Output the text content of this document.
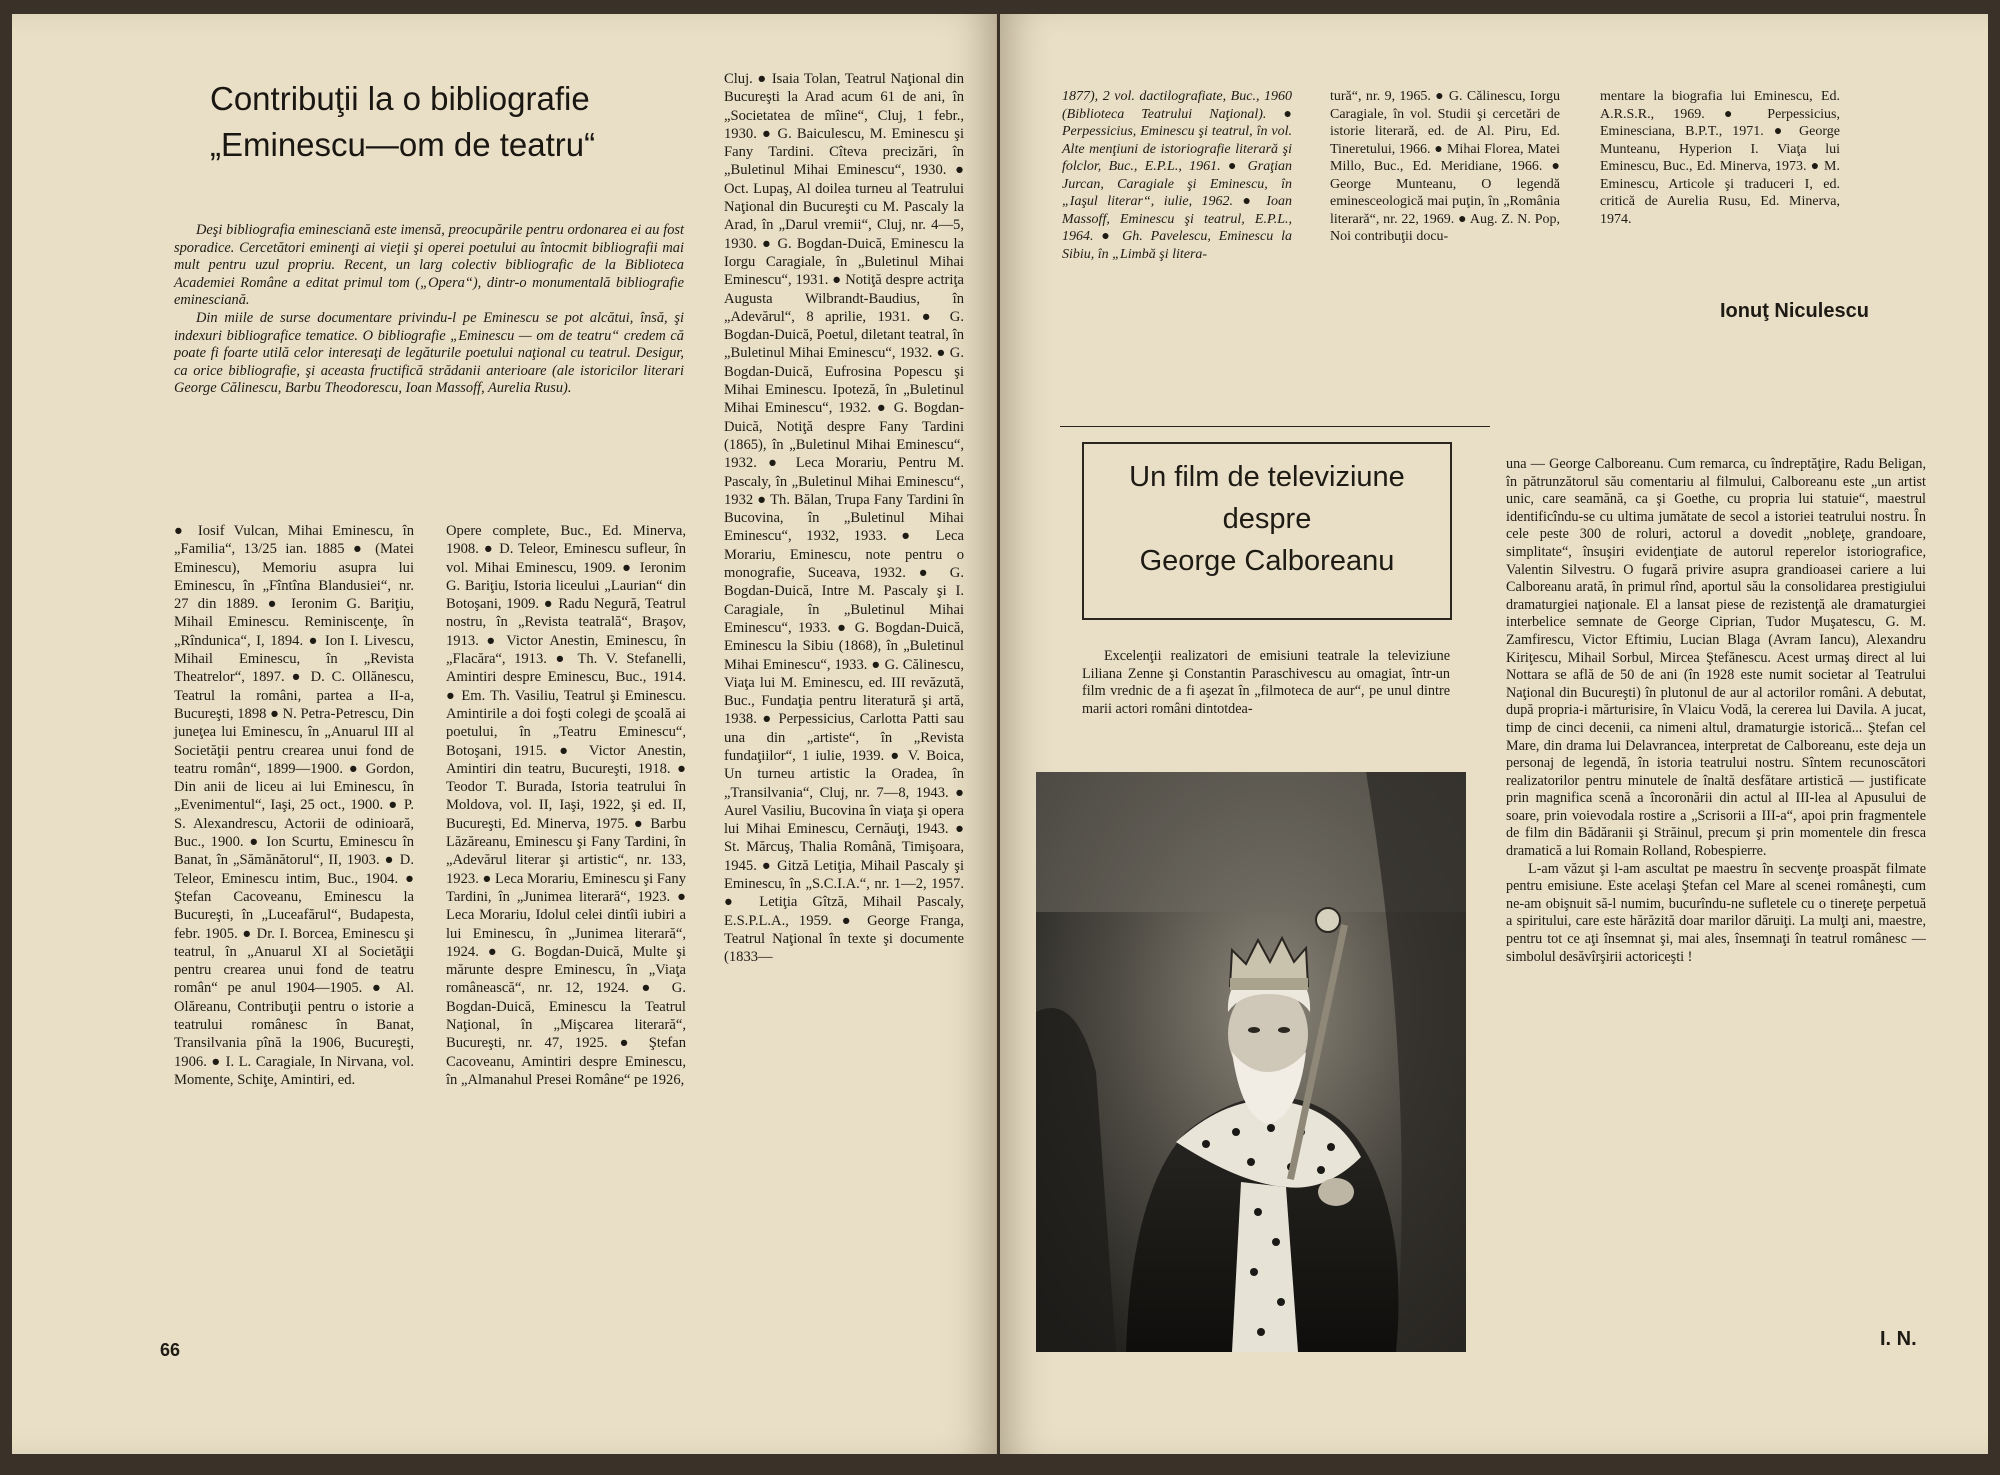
Contribuţii la o bibliografie
„Eminescu—om de teatru“

Deşi bibliografia eminesciană este imensă, preocupările pentru ordonarea ei au fost sporadice. Cercetători eminenţi ai vieţii şi operei poetului au întocmit bibliografii mai mult pentru uzul propriu. Recent, un larg colectiv bibliografic de la Biblioteca Academiei Române a editat primul tom („Opera“), dintr-o monumentală bibliografie eminesciană.

Din miile de surse documentare privindu-l pe Eminescu se pot alcătui, însă, şi indexuri bibliografice tematice. O bibliografie „Eminescu — om de teatru“ credem că poate fi foarte utilă celor interesaţi de legăturile poetului naţional cu teatrul. Desigur, ca orice bibliografie, şi aceasta fructifică strădanii anterioare (ale istoricilor literari George Călinescu, Barbu Theodorescu, Ioan Massoff, Aurelia Rusu).

● Iosif Vulcan, Mihai Eminescu, în „Familia“, 13/25 ian. 1885 ● (Matei Eminescu), Memoriu asupra lui Eminescu, în „Fîntîna Blandusiei“, nr. 27 din 1889. ● Ieronim G. Bariţiu, Mihail Eminescu. Reminiscenţe, în „Rîndunica“, I, 1894. ● Ion I. Livescu, Mihail Eminescu, în „Revista Theatrelor“, 1897. ● D. C. Ollănescu, Teatrul la români, partea a II-a, Bucureşti, 1898 ● N. Petra-Petrescu, Din juneţea lui Eminescu, în „Anuarul III al Societăţii pentru crearea unui fond de teatru român“, 1899—1900. ● Gordon, Din anii de liceu ai lui Eminescu, în „Evenimentul“, Iaşi, 25 oct., 1900. ● P. S. Alexandrescu, Actorii de odinioară, Buc., 1900. ● Ion Scurtu, Eminescu în Banat, în „Sămănătorul“, II, 1903. ● D. Teleor, Eminescu intim, Buc., 1904. ● Ştefan Cacoveanu, Eminescu la Bucureşti, în „Luceafărul“, Budapesta, febr. 1905. ● Dr. I. Borcea, Eminescu şi teatrul, în „Anuarul XI al Societăţii pentru crearea unui fond de teatru român“ pe anul 1904—1905. ● Al. Olăreanu, Contribuţii pentru o istorie a teatrului românesc în Banat, Transilvania pînă la 1906, Bucureşti, 1906. ● I. L. Caragiale, In Nirvana, vol. Momente, Schiţe, Amintiri, ed.

Opere complete, Buc., Ed. Minerva, 1908. ● D. Teleor, Eminescu sufleur, în vol. Mihai Eminescu, 1909. ● Ieronim G. Bariţiu, Istoria liceului „Laurian“ din Botoşani, 1909. ● Radu Negură, Teatrul nostru, în „Revista teatrală“, Braşov, 1913. ● Victor Anestin, Eminescu, în „Flacăra“, 1913. ● Th. V. Stefanelli, Amintiri despre Eminescu, Buc., 1914. ● Em. Th. Vasiliu, Teatrul şi Eminescu. Amintirile a doi foşti colegi de şcoală ai poetului, în „Teatru Eminescu“, Botoşani, 1915. ● Victor Anestin, Amintiri din teatru, Bucureşti, 1918. ● Teodor T. Burada, Istoria teatrului în Moldova, vol. II, Iaşi, 1922, şi ed. II, Bucureşti, Ed. Minerva, 1975. ● Barbu Lăzăreanu, Eminescu şi Fany Tardini, în „Adevărul literar şi artistic“, nr. 133, 1923. ● Leca Morariu, Eminescu şi Fany Tardini, în „Junimea literară“, 1923. ● Leca Morariu, Idolul celei dintîi iubiri a lui Eminescu, în „Junimea literară“, 1924. ● G. Bogdan-Duică, Multe şi mărunte despre Eminescu, în „Viaţa românească“, nr. 12, 1924. ● G. Bogdan-Duică, Eminescu la Teatrul Naţional, în „Mişcarea literară“, Bucureşti, nr. 47, 1925. ● Ştefan Cacoveanu, Amintiri despre Eminescu, în „Almanahul Presei Române“ pe 1926,

Cluj. ● Isaia Tolan, Teatrul Naţional din Bucureşti la Arad acum 61 de ani, în „Societatea de mîine“, Cluj, 1 febr., 1930. ● G. Baiculescu, M. Eminescu şi Fany Tardini. Cîteva precizări, în „Buletinul Mihai Eminescu“, 1930. ● Oct. Lupaş, Al doilea turneu al Teatrului Naţional din Bucureşti cu M. Pascaly la Arad, în „Darul vremii“, Cluj, nr. 4—5, 1930. ● G. Bogdan-Duică, Eminescu la Iorgu Caragiale, în „Buletinul Mihai Eminescu“, 1931. ● Notiţă despre actriţa Augusta Wilbrandt-Baudius, în „Adevărul“, 8 aprilie, 1931. ● G. Bogdan-Duică, Poetul, diletant teatral, în „Buletinul Mihai Eminescu“, 1932. ● G. Bogdan-Duică, Eufrosina Popescu şi Mihai Eminescu. Ipoteză, în „Buletinul Mihai Eminescu“, 1932. ● G. Bogdan-Duică, Notiţă despre Fany Tardini (1865), în „Buletinul Mihai Eminescu“, 1932. ● Leca Morariu, Pentru M. Pascaly, în „Buletinul Mihai Eminescu“, 1932 ● Th. Bălan, Trupa Fany Tardini în Bucovina, în „Buletinul Mihai Eminescu“, 1932, 1933. ● Leca Morariu, Eminescu, note pentru o monografie, Suceava, 1932. ● G. Bogdan-Duică, Intre M. Pascaly şi I. Caragiale, în „Buletinul Mihai Eminescu“, 1933. ● G. Bogdan-Duică, Eminescu la Sibiu (1868), în „Buletinul Mihai Eminescu“, 1933. ● G. Călinescu, Viaţa lui M. Eminescu, ed. III revăzută, Buc., Fundaţia pentru literatură şi artă, 1938. ● Perpessicius, Carlotta Patti sau una din „artiste“, în „Revista fundaţiilor“, 1 iulie, 1939. ● V. Boica, Un turneu artistic la Oradea, în „Transilvania“, Cluj, nr. 7—8, 1943. ● Aurel Vasiliu, Bucovina în viaţa şi opera lui Mihai Eminescu, Cernăuţi, 1943. ● St. Mărcuş, Thalia Română, Timişoara, 1945. ● Gitză Letiţia, Mihail Pascaly şi Eminescu, în „S.C.I.A.“, nr. 1—2, 1957. ● Letiţia Gîtză, Mihail Pascaly, E.S.P.L.A., 1959. ● George Franga, Teatrul Naţional în texte şi documente (1833—

66

1877), 2 vol. dactilografiate, Buc., 1960 (Biblioteca Teatrului Naţional). ● Perpessicius, Eminescu şi teatrul, în vol. Alte menţiuni de istoriografie literară şi folclor, Buc., E.P.L., 1961. ● Graţian Jurcan, Caragiale şi Eminescu, în „Iaşul literar“, iulie, 1962. ● Ioan Massoff, Eminescu şi teatrul, E.P.L., 1964. ● Gh. Pavelescu, Eminescu la Sibiu, în „Limbă şi litera-

tură“, nr. 9, 1965. ● G. Călinescu, Iorgu Caragiale, în vol. Studii şi cercetări de istorie literară, ed. de Al. Piru, Ed. Tineretului, 1966. ● Mihai Florea, Matei Millo, Buc., Ed. Meridiane, 1966. ● George Munteanu, O legendă eminesceologică mai puţin, în „România literară“, nr. 22, 1969. ● Aug. Z. N. Pop, Noi contribuţii docu-

mentare la biografia lui Eminescu, Ed. A.R.S.R., 1969. ● Perpessicius, Eminesciana, B.P.T., 1971. ● George Munteanu, Hyperion I. Viaţa lui Eminescu, Buc., Ed. Minerva, 1973. ● M. Eminescu, Articole şi traduceri I, ed. critică de Aurelia Rusu, Ed. Minerva, 1974.

Ionuţ Niculescu
Un film de televiziune
despre
George Calboreanu

Excelenţii realizatori de emisiuni teatrale la televiziune Liliana Zenne şi Constantin Paraschivescu au omagiat, într-un film vrednic de a fi aşezat în „filmoteca de aur“, pe unul dintre marii actori români dintotdea-

una — George Calboreanu. Cum remarca, cu îndreptăţire, Radu Beligan, în pătrunzătorul său comentariu al filmului, Calboreanu este „un artist unic, care seamănă, ca şi Goethe, cu propria lui statuie“, maestrul identificîndu-se cu ultima jumătate de secol a istoriei teatrului nostru. În cele peste 300 de roluri, actorul a dovedit „nobleţe, grandoare, simplitate“, însuşiri evidenţiate de autorul reperelor istoriografice, Valentin Silvestru. O fugară privire asupra grandioasei cariere a lui Calboreanu arată, în primul rînd, aportul său la consolidarea prestigiului dramaturgiei naţionale. El a lansat piese de rezistenţă ale dramaturgiei interbelice semnate de George Ciprian, Tudor Muşatescu, G. M. Zamfirescu, Victor Eftimiu, Lucian Blaga (Avram Iancu), Alexandru Kiriţescu, Mihail Sorbul, Mircea Ştefănescu. Acest urmaş direct al lui Nottara se află de 50 de ani (în 1928 este numit societar al Teatrului Naţional din Bucureşti) în plutonul de aur al actorilor români. A debutat, după propria-i mărturisire, în Vlaicu Vodă, la cererea lui Davila. A jucat, timp de cinci decenii, ca nimeni altul, dramaturgie istorică... Ştefan cel Mare, din drama lui Delavrancea, interpretat de Calboreanu, este deja un personaj de legendă, în istoria teatrului nostru. Sîntem recunoscători realizatorilor pentru minutele de înaltă desfătare artistică — justificate prin magnifica scenă a încoronării din actul al III-lea al Apusului de soare, prin voievodala rostire a „Scrisorii a III-a“, apoi prin fragmentele de film din Bădăranii şi Străinul, precum şi prin momentele din fresca dramatică a lui Romain Rolland, Robespierre.

L-am văzut şi l-am ascultat pe maestru în secvenţe proaspăt filmate pentru emisiune. Este acelaşi Ştefan cel Mare al scenei româneşti, cum ne-am obişnuit să-l numim, bucurîndu-ne sufletele cu o tinereţe perpetuă a spiritului, care este hărăzită doar marilor dăruiţi. La mulţi ani, maestre, pentru tot ce aţi însemnat şi, mai ales, însemnaţi în teatrul românesc — simbolul desăvîrşirii actoriceşti !

I. N.
